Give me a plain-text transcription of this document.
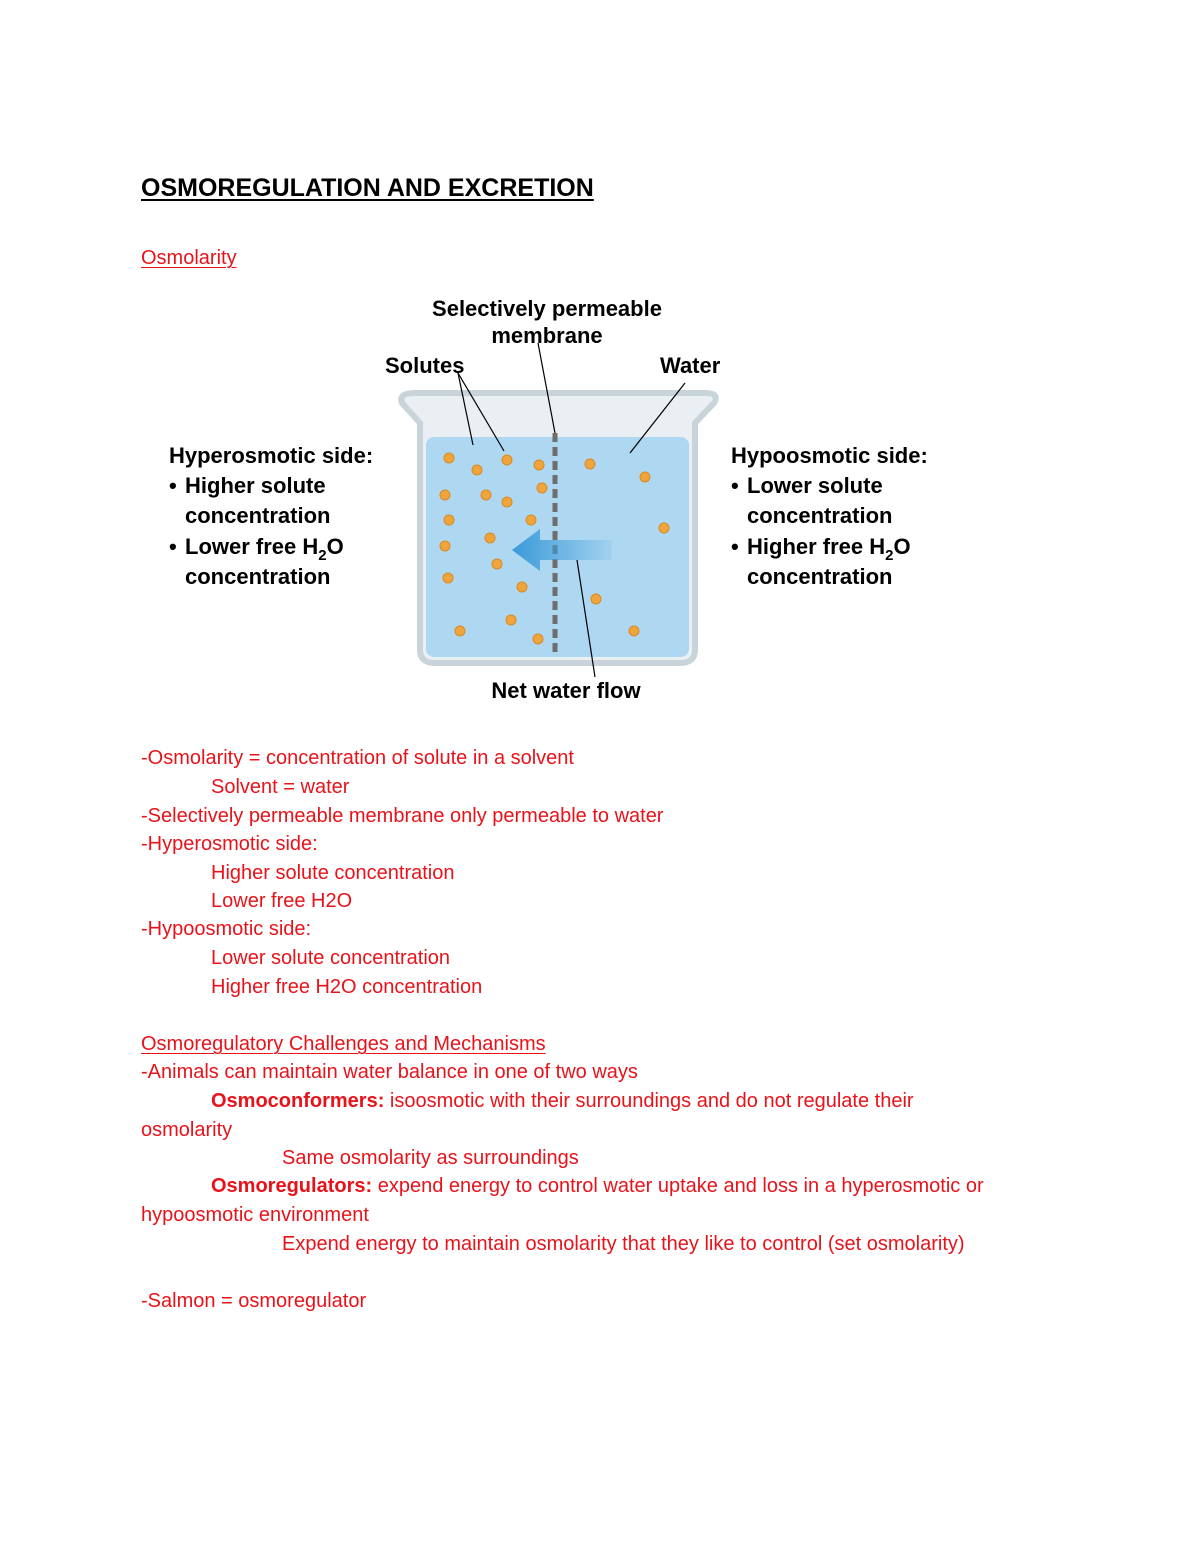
OSMOREGULATION AND EXCRETION
Osmolarity
Selectively permeable
membrane
Solutes	Water
Hyperosmotic side:
• Higher solute
concentration
• Lower free $H_2O$
concentration
Hypoosmotic side:
• Lower solute
concentration
• Higher free $H_2O$
concentration
Net water flow
-Osmolarity = concentration of solute in a solvent
Solvent = water
-Selectively permeable membrane only permeable to water
-Hyperosmotic side:
Higher solute concentration
Lower free H2O
-Hypoosmotic side:
Lower solute concentration
Higher free H2O concentration
Osmoregulatory Challenges and Mechanisms
-Animals can maintain water balance in one of two ways
Osmoconformers: isoosmotic with their surroundings and do not regulate their
osmolarity
Same osmolarity as surroundings
Osmoregulators: expend energy to control water uptake and loss in a hyperosmotic or
hypoosmotic environment
Expend energy to maintain osmolarity that they like to control (set osmolarity)
-Salmon = osmoregulator
